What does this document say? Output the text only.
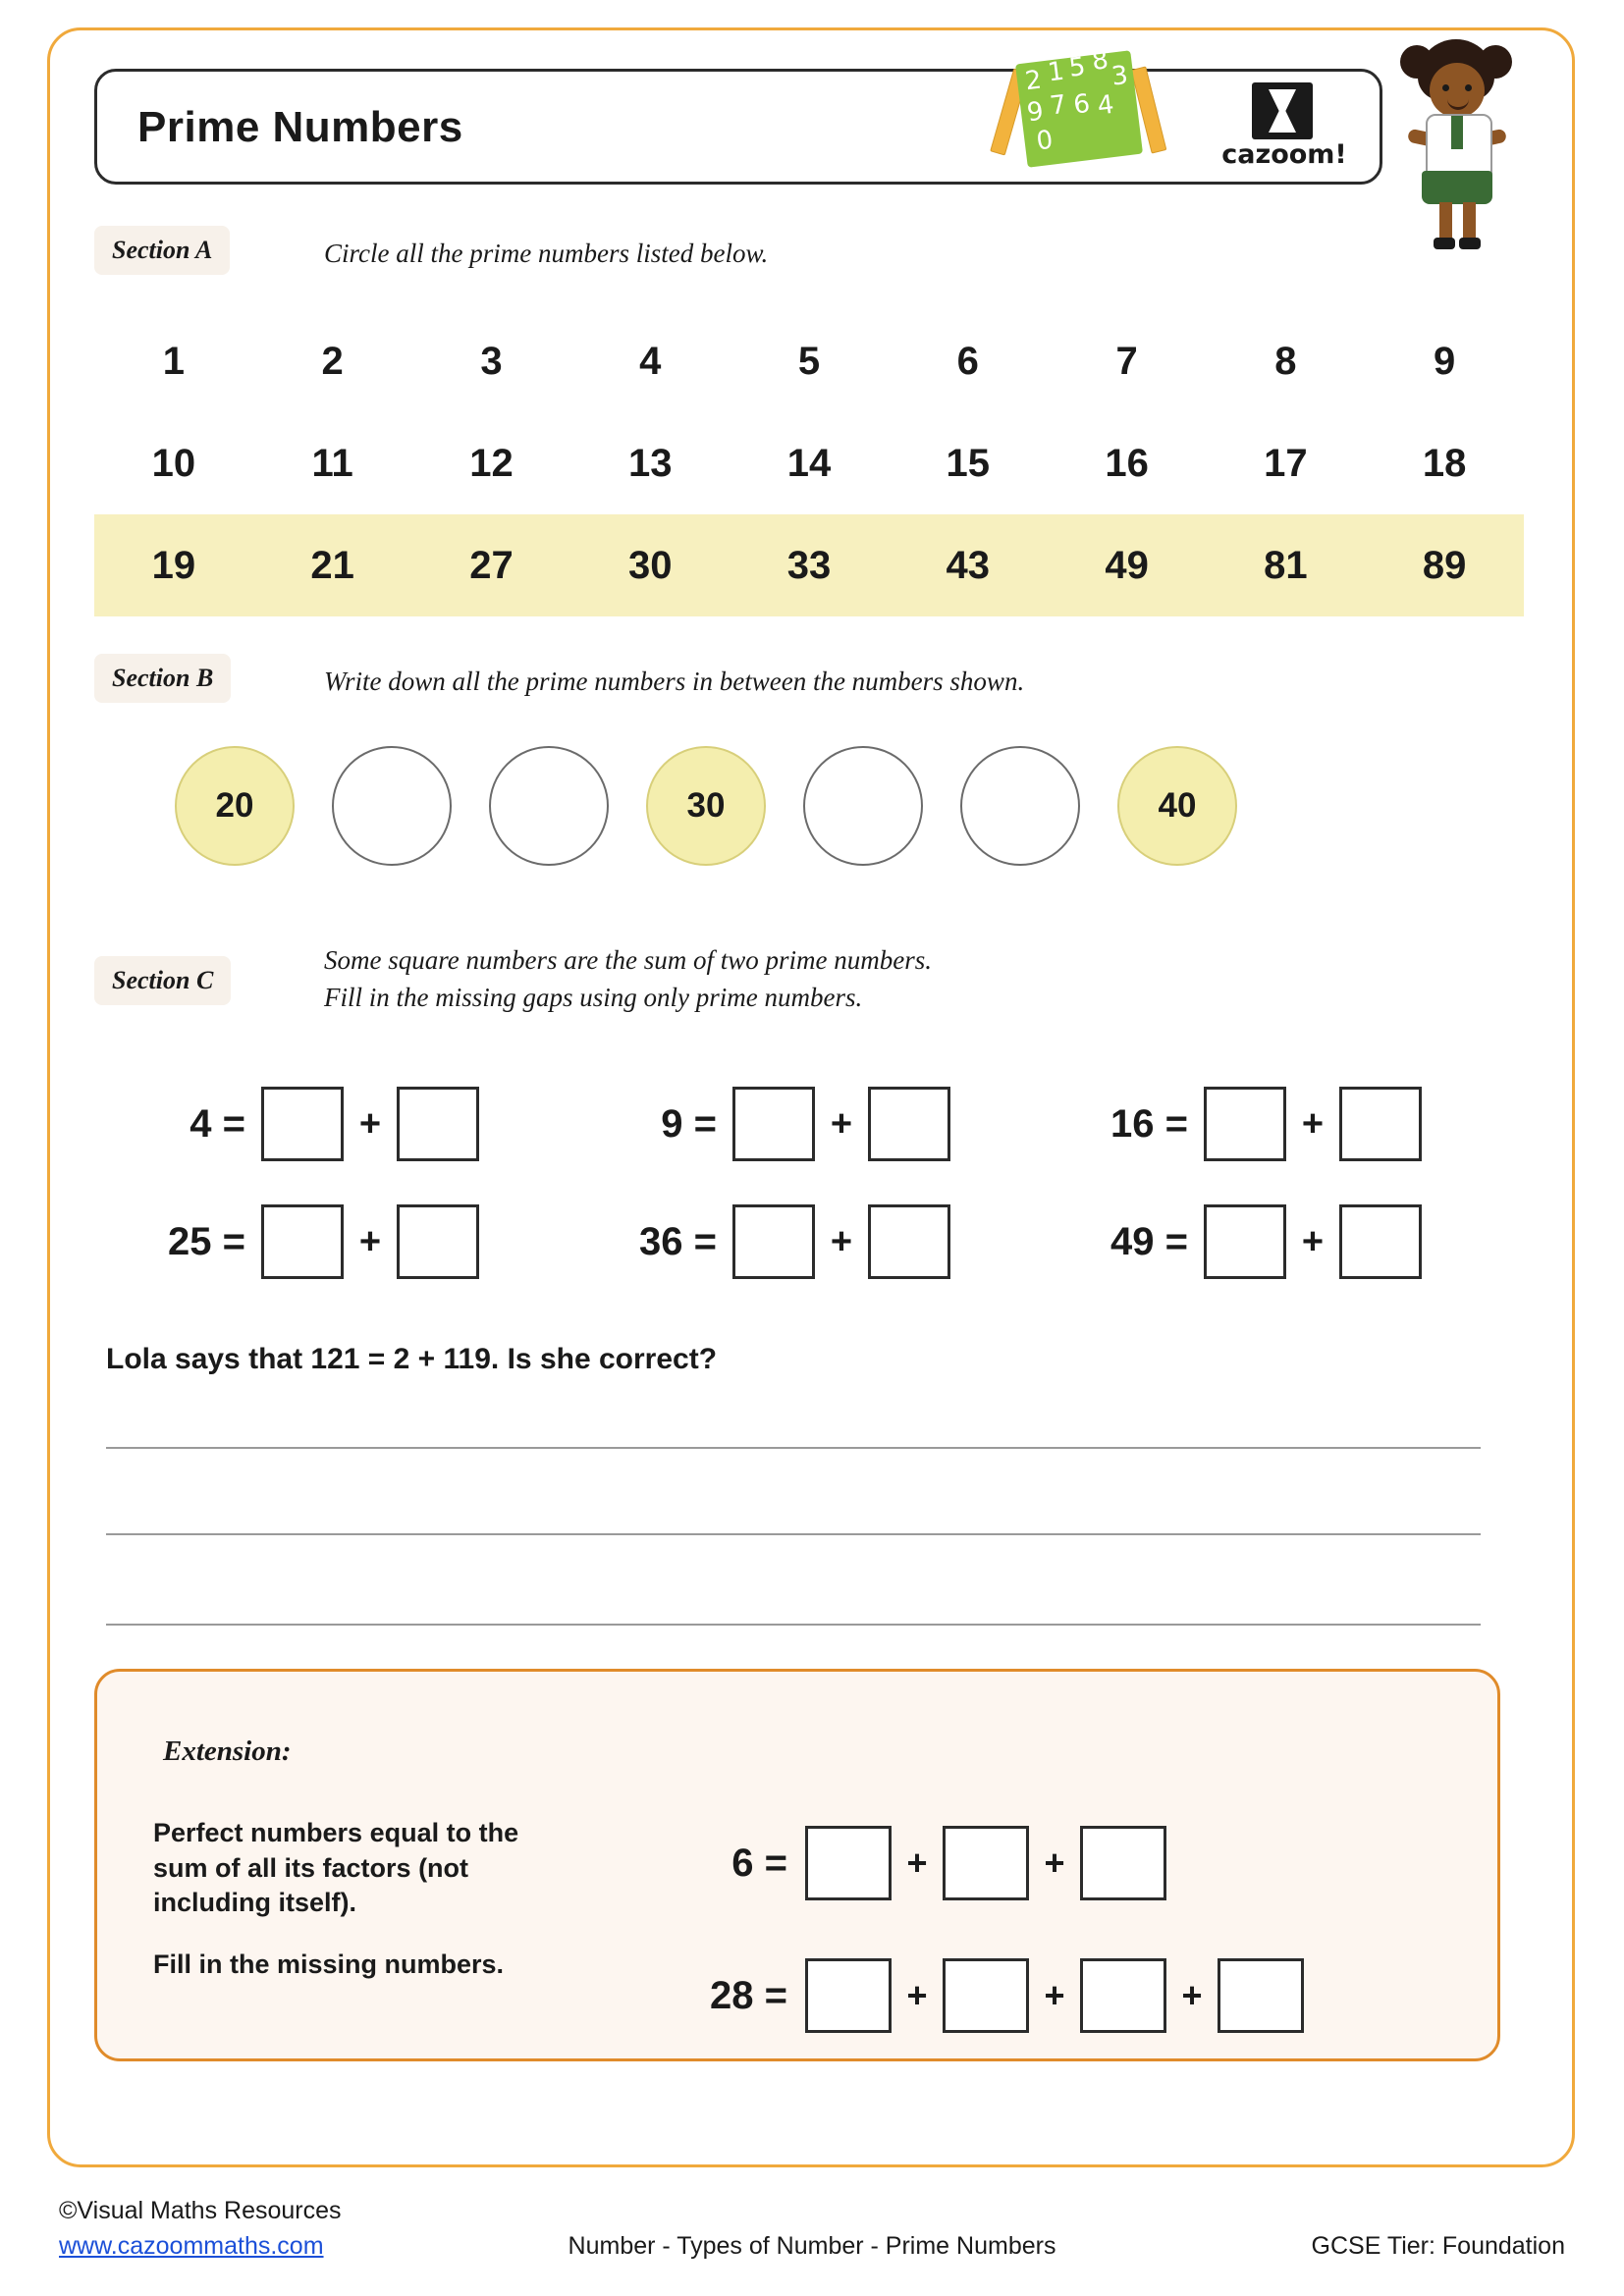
Prime Numbers
2 1 5 8
9 7 6 4
3
0	cazoom!
Section A	Circle all the prime numbers listed below.
1	2	3	4	5	6	7	8	9
10	11	12	13	14	15	16	17	18
19	21	27	30	33	43	49	81	89
Section B	Write down all the prime numbers in between the numbers shown.
20	30	40
Section C
Some square numbers are the sum of two prime numbers.
Fill in the missing gaps using only prime numbers.
4 =	+	9 =	+	16 =	+
25 =	+	36 =	+	49 =	+
Lola says that 121 = 2 + 119. Is she correct?
Extension:
Perfect numbers equal to the sum of all its factors (not including itself).
Fill in the missing numbers.
6 =	+	+
28 =	+	+	+
©Visual Maths Resources
www.cazoommaths.com	Number - Types of Number - Prime Numbers	GCSE Tier: Foundation
